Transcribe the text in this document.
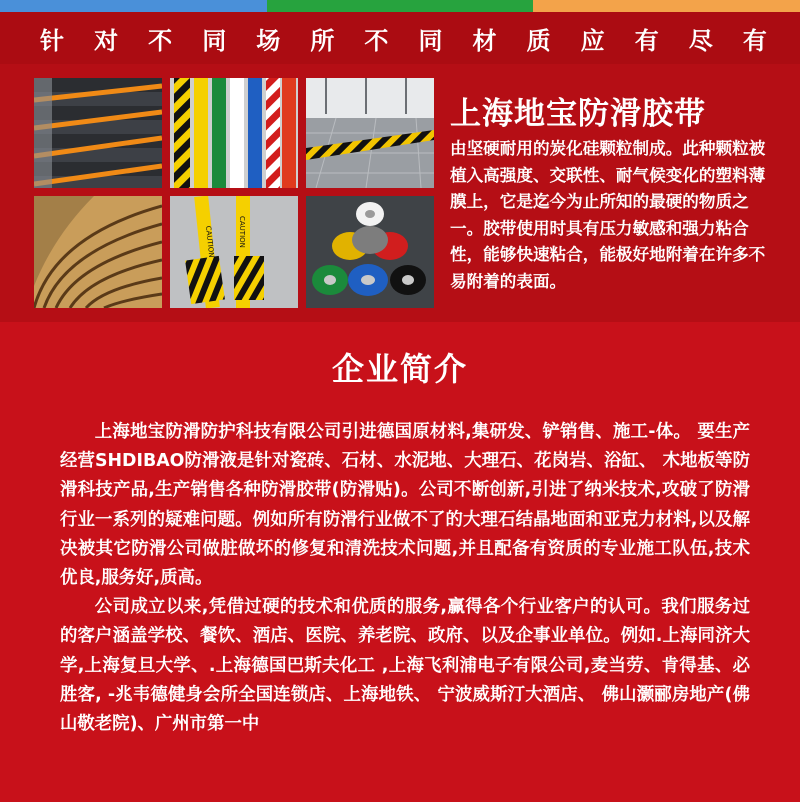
针 对 不 同 场 所 不 同 材 质 应 有 尽 有
CAUTION	CAUTION
上海地宝防滑胶带

由坚硬耐用的炭化硅颗粒制成。此种颗粒被植入高强度、交联性、耐气候变化的塑料薄膜上，它是迄今为止所知的最硬的物质之一。胶带使用时具有压力敏感和强力粘合性，能够快速粘合，能极好地附着在许多不易附着的表面。

企业简介

上海地宝防滑防护科技有限公司引进德国原材料,集研发、铲销售、施工-体。 要生产经营SHDIBAO防滑液是针对瓷砖、石材、水泥地、大理石、花岗岩、浴缸、 木地板等防滑科技产品,生产销售各种防滑胶带(防滑贴)。公司不断创新,引进了纳米技术,攻破了防滑行业一系列的疑难问题。例如所有防滑行业做不了的大理石结晶地面和亚克力材料,以及解决被其它防滑公司做脏做坏的修复和清洗技术问题,并且配备有资质的专业施工队伍,技术优良,服务好,质高。

公司成立以来,凭借过硬的技术和优质的服务,赢得各个行业客户的认可。我们服务过的客户涵盖学校、餐饮、酒店、医院、养老院、政府、以及企事业单位。例如.上海同济大学,上海复旦大学、.上海德国巴斯夫化工 ,上海飞利浦电子有限公司,麦当劳、肯得基、必胜客, -兆韦德健身会所全国连锁店、上海地铁、 宁波威斯汀大酒店、 佛山灏郦房地产(佛山敬老院)、广州市第一中
